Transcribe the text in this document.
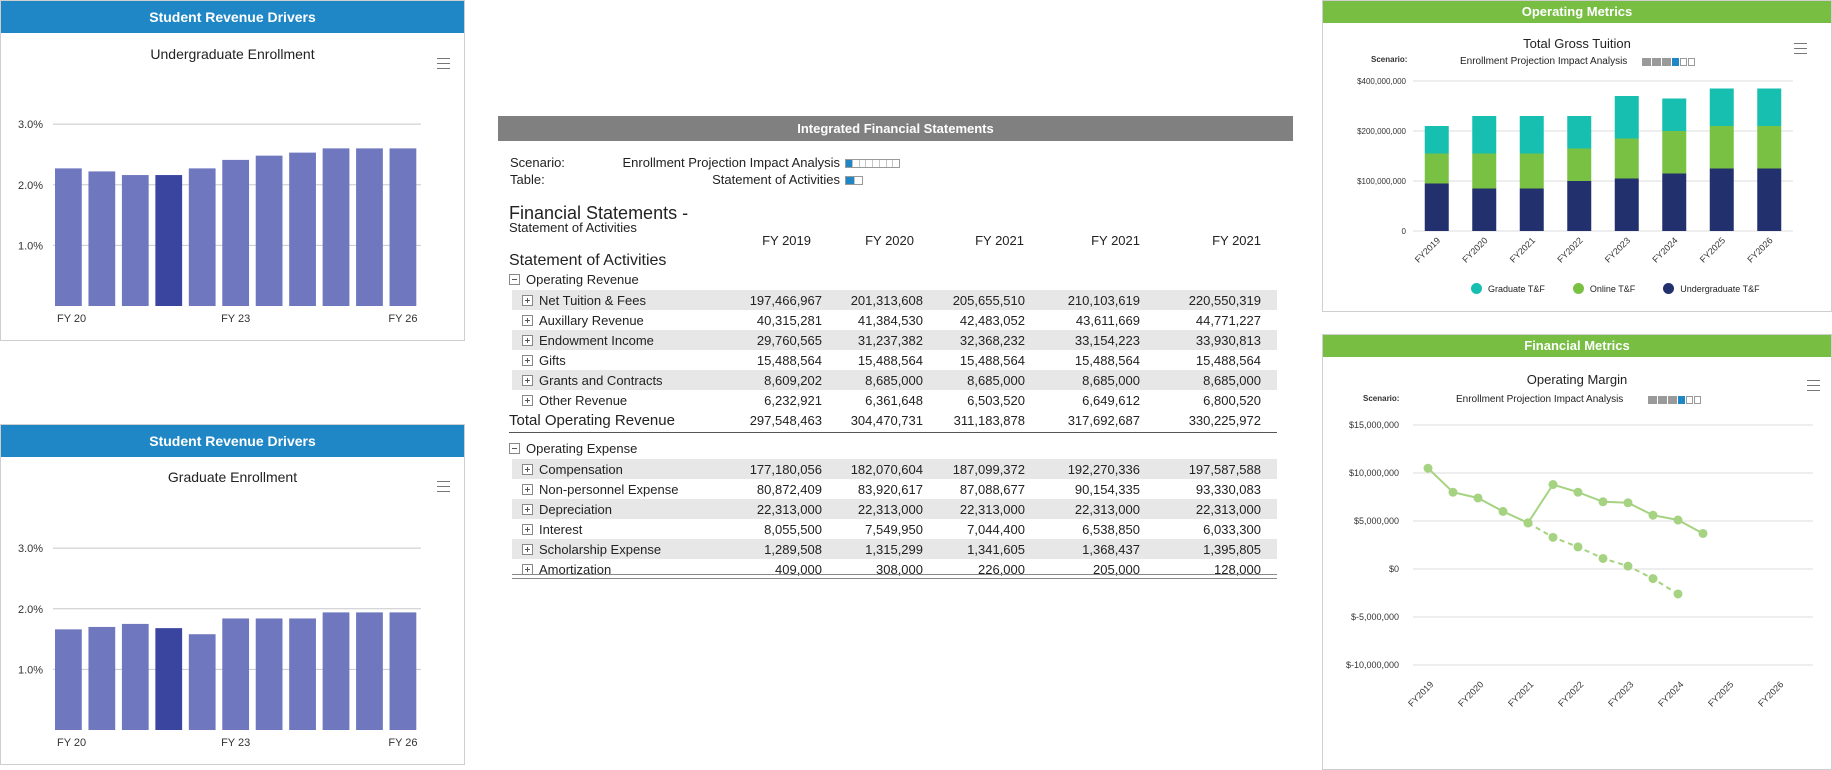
Student Revenue Drivers
Undergraduate Enrollment
1.0%
2.0%
3.0%
FY 20	FY 23	FY 26
Student Revenue Drivers
Graduate Enrollment
1.0%
2.0%
3.0%
FY 20	FY 23	FY 26
Integrated Financial Statements
Scenario:	Enrollment Projection Impact Analysis
Table:	Statement of Activities
Financial Statements -
Statement of Activities
FY 2019	FY 2020	FY 2021	FY 2021	FY 2021
Statement of Activities
Operating Revenue
Net Tuition & Fees	197,466,967	201,313,608	205,655,510	210,103,619	220,550,319
Auxillary Revenue	40,315,281	41,384,530	42,483,052	43,611,669	44,771,227
Endowment Income	29,760,565	31,237,382	32,368,232	33,154,223	33,930,813
Gifts	15,488,564	15,488,564	15,488,564	15,488,564	15,488,564
Grants and Contracts	8,609,202	8,685,000	8,685,000	8,685,000	8,685,000
Other Revenue	6,232,921	6,361,648	6,503,520	6,649,612	6,800,520
Total Operating Revenue	297,548,463	304,470,731	311,183,878	317,692,687	330,225,972
Operating Expense
Compensation	177,180,056	182,070,604	187,099,372	192,270,336	197,587,588
Non-personnel Expense	80,872,409	83,920,617	87,088,677	90,154,335	93,330,083
Depreciation	22,313,000	22,313,000	22,313,000	22,313,000	22,313,000
Interest	8,055,500	7,549,950	7,044,400	6,538,850	6,033,300
Scholarship Expense	1,289,508	1,315,299	1,341,605	1,368,437	1,395,805
Amortization	409,000	308,000	226,000	205,000	128,000
Operating Metrics
Total Gross Tuition
Scenario:	Enrollment Projection Impact Analysis
0
$100,000,000
$200,000,000
$400,000,000
FY2019 FY2020 FY2021 FY2022 FY2023 FY2024 FY2025 FY2026
Graduate T&F	Online T&F	Undergraduate T&F
Financial Metrics
Operating Margin
Scenario:	Enrollment Projection Impact Analysis
$-10,000,000
$-5,000,000
$0
$5,000,000
$10,000,000
$15,000,000
FY2019 FY2020 FY2021 FY2022 FY2023 FY2024 FY2025 FY2026
